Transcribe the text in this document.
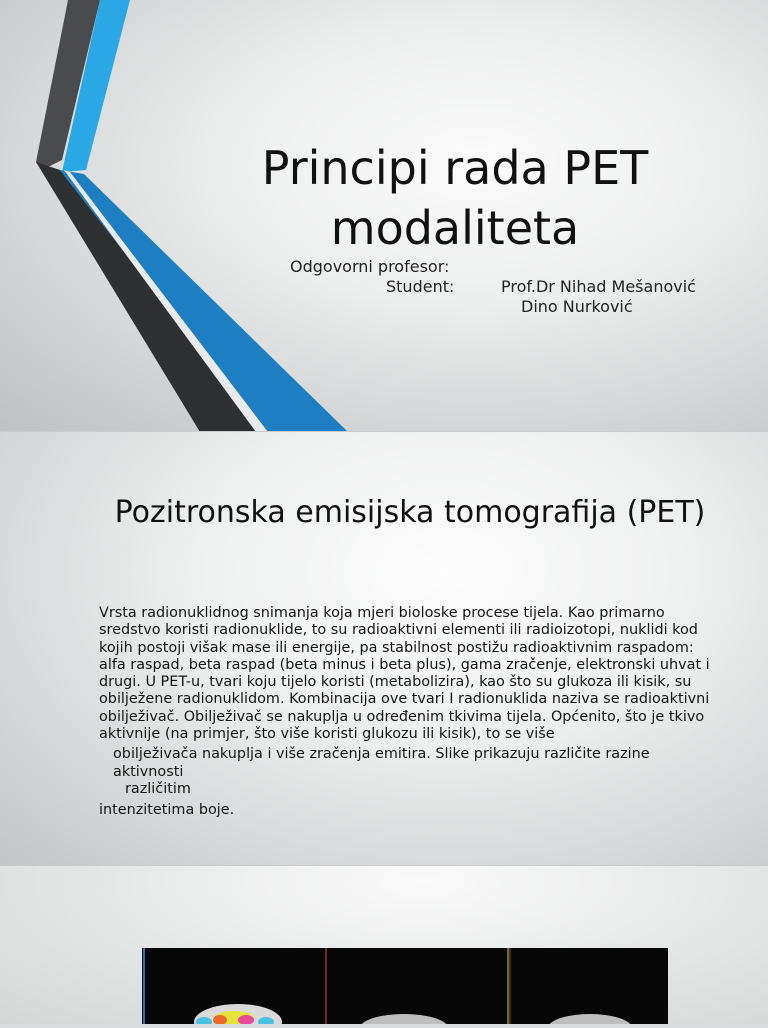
Principi rada PET modaliteta
Odgovorni profesor:
Student:	Prof.Dr Nihad Mešanović
Dino Nurković
Pozitronska emisijska tomografija (PET)

Vrsta radionuklidnog snimanja koja mjeri bioloske procese tijela. Kao primarno sredstvo koristi radionuklide, to su radioaktivni elementi ili radioizotopi, nuklidi kod kojih postoji višak mase ili energije, pa stabilnost postižu radioaktivnim raspadom: alfa raspad, beta raspad (beta minus i beta plus), gama zračenje, elektronski uhvat i drugi. U PET-u, tvari koju tijelo koristi (metabolizira), kao što su glukoza ili kisik, su obilježene radionuklidom. Kombinacija ove tvari I radionuklida naziva se radioaktivni obilježivač. Obilježivač se nakuplja u određenim tkivima tijela. Općenito, što je tkivo aktivnije (na primjer, što više koristi glukozu ili kisik), to se više

obilježivača nakuplja i više zračenja emitira. Slike prikazuju različite razine aktivnosti

različitim

intenzitetima boje.
